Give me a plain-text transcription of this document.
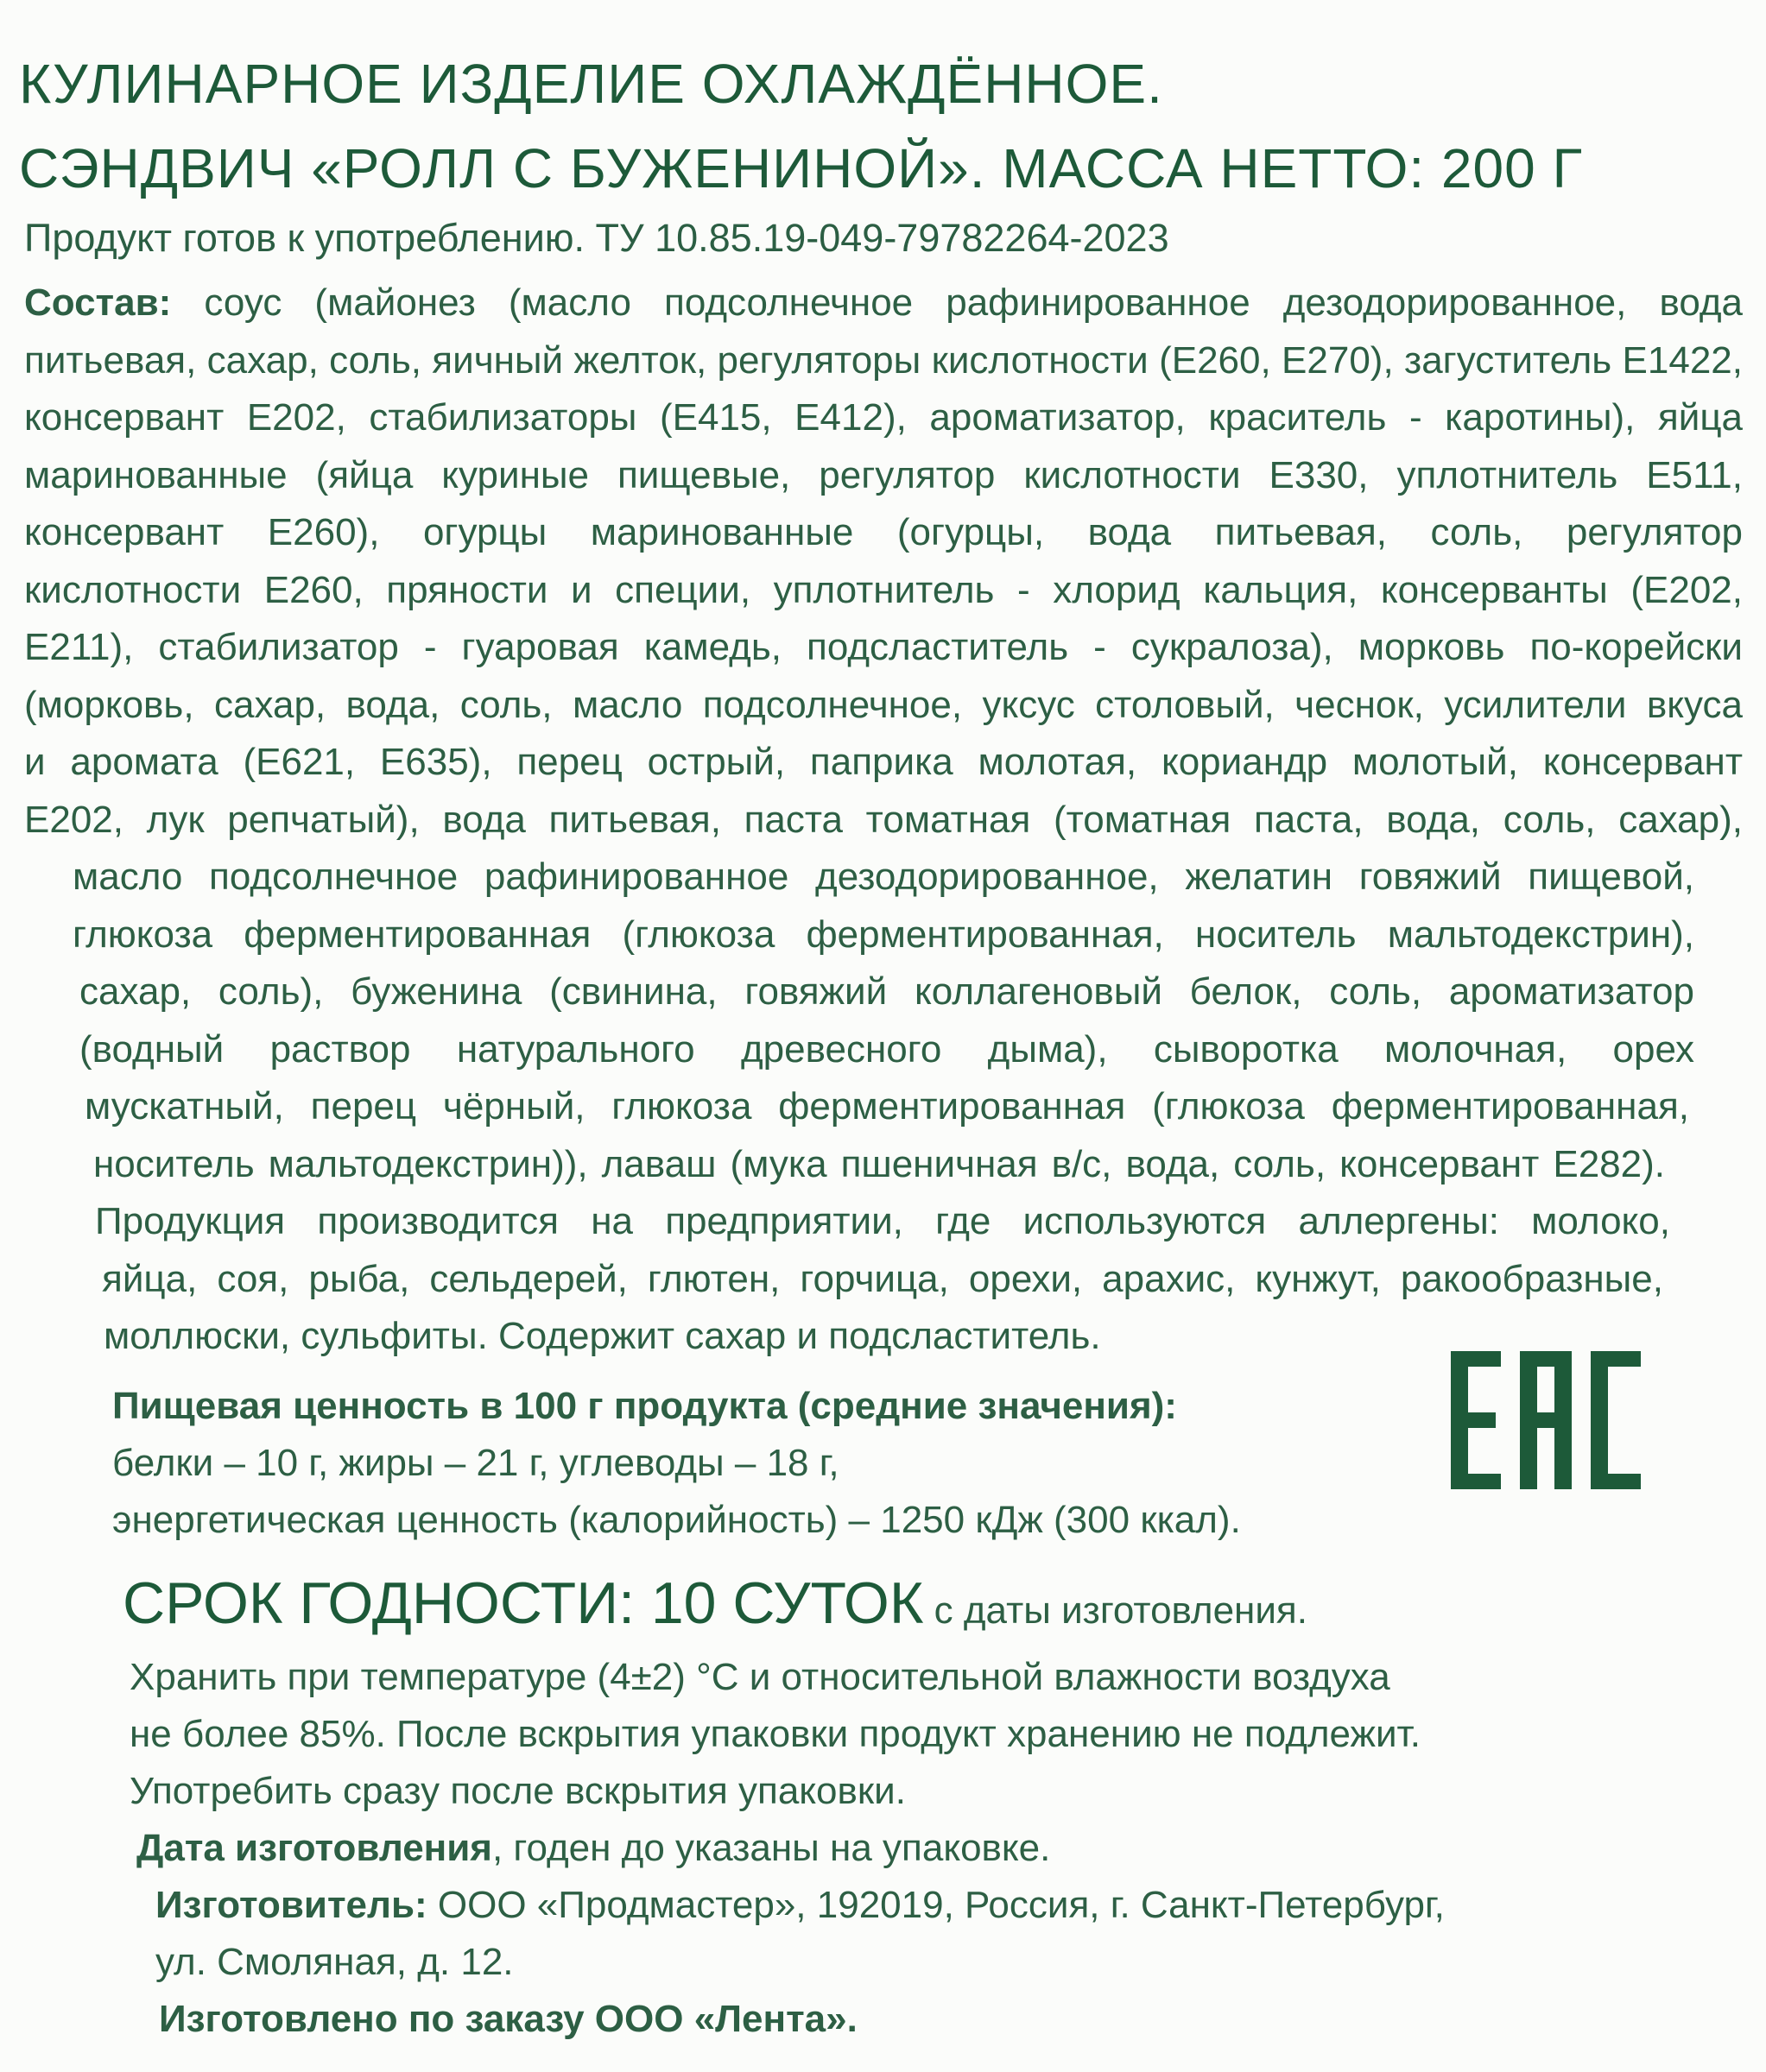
КУЛИНАРНОЕ ИЗДЕЛИЕ ОХЛАЖДЁННОЕ.
СЭНДВИЧ «РОЛЛ С БУЖЕНИНОЙ». МАССА НЕТТО: 200 Г
Продукт готов к употреблению. ТУ 10.85.19-049-79782264-2023
Состав: соус (майонез (масло подсолнечное рафинированное дезодорированное, вода
питьевая, сахар, соль, яичный желток, регуляторы кислотности (Е260, Е270), загуститель Е1422,
консервант Е202, стабилизаторы (Е415, Е412), ароматизатор, краситель - каротины), яйца
маринованные (яйца куриные пищевые, регулятор кислотности Е330, уплотнитель Е511,
консервант Е260), огурцы маринованные (огурцы, вода питьевая, соль, регулятор
кислотности Е260, пряности и специи, уплотнитель - хлорид кальция, консерванты (Е202,
Е211), стабилизатор - гуаровая камедь, подсластитель - сукралоза), морковь по-корейски
(морковь, сахар, вода, соль, масло подсолнечное, уксус столовый, чеснок, усилители вкуса
и аромата (Е621, Е635), перец острый, паприка молотая, кориандр молотый, консервант
Е202, лук репчатый), вода питьевая, паста томатная (томатная паста, вода, соль, сахар),
масло подсолнечное рафинированное дезодорированное, желатин говяжий пищевой,
глюкоза ферментированная (глюкоза ферментированная, носитель мальтодекстрин),
сахар, соль), буженина (свинина, говяжий коллагеновый белок, соль, ароматизатор
(водный раствор натурального древесного дыма), сыворотка молочная, орех
мускатный, перец чёрный, глюкоза ферментированная (глюкоза ферментированная,
носитель мальтодекстрин)), лаваш (мука пшеничная в/с, вода, соль, консервант Е282).
Продукция производится на предприятии, где используются аллергены: молоко,
яйца, соя, рыба, сельдерей, глютен, горчица, орехи, арахис, кунжут, ракообразные,
моллюски, сульфиты. Содержит сахар и подсластитель.
Пищевая ценность в 100 г продукта (средние значения):
белки – 10 г, жиры – 21 г, углеводы – 18 г,
энергетическая ценность (калорийность) – 1250 кДж (300 ккал).
СРОК ГОДНОСТИ: 10 СУТОК с даты изготовления.
Хранить при температуре (4±2) °С и относительной влажности воздуха
не более 85%. После вскрытия упаковки продукт хранению не подлежит.
Употребить сразу после вскрытия упаковки.
Дата изготовления, годен до указаны на упаковке.
Изготовитель: ООО «Продмастер», 192019, Россия, г. Санкт-Петербург,
ул. Смоляная, д. 12.
Изготовлено по заказу ООО «Лента».
